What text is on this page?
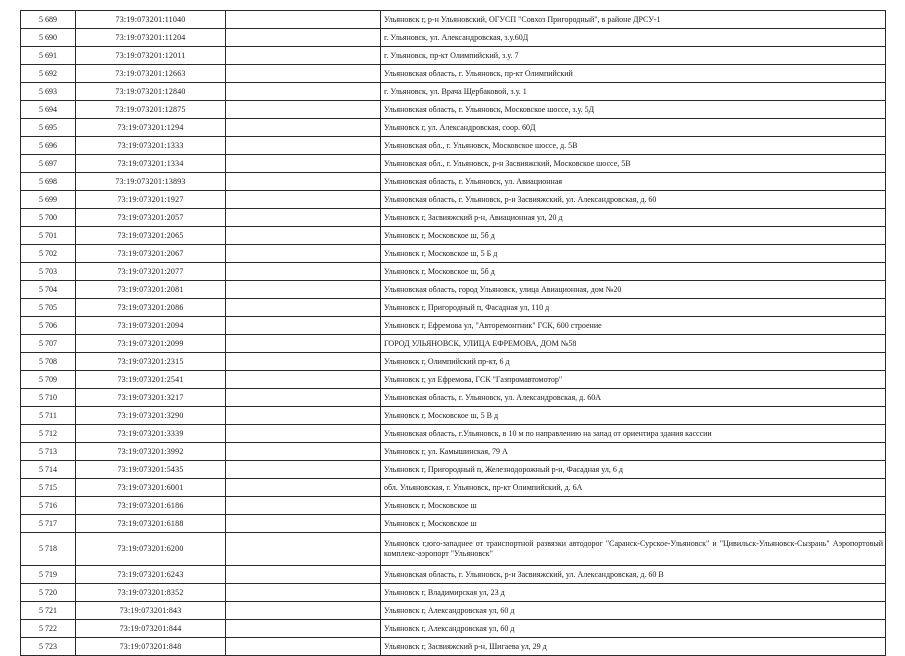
5 689	73:19:073201:11040		Ульяновск г, р-н Ульяновский, ОГУСП "Совхоз Пригородный", в районе ДРСУ-1
5 690	73:19:073201:11204		г. Ульяновск, ул. Александровская, з.у.60Д
5 691	73:19:073201:12011		г. Ульяновск, пр-кт Олимпийский, з.у. 7
5 692	73:19:073201:12663		Ульяновская область, г. Ульяновск, пр-кт Олимпийский
5 693	73:19:073201:12840		г. Ульяновск, ул. Врача Щербаковой, з.у. 1
5 694	73:19:073201:12875		Ульяновская область, г. Ульяновск, Московское шоссе, з.у. 5Д
5 695	73:19:073201:1294		Ульяновск г, ул. Александровская, соор. 60Д
5 696	73:19:073201:1333		Ульяновская обл., г. Ульяновск, Московское шоссе, д. 5В
5 697	73:19:073201:1334		Ульяновская обл., г. Ульяновск, р-н Засвияжский, Московское шоссе, 5В
5 698	73:19:073201:13893		Ульяновская область, г. Ульяновск, ул. Авиационная
5 699	73:19:073201:1927		Ульяновская область, г. Ульяновск, р-н Засвияжский, ул. Александровская, д. 60
5 700	73:19:073201:2057		Ульяновск г, Засвияжский р-н, Авиационная ул, 20 д
5 701	73:19:073201:2065		Ульяновск г, Московское ш, 5б д
5 702	73:19:073201:2067		Ульяновск г, Московское ш, 5 Б д
5 703	73:19:073201:2077		Ульяновск г, Московское ш, 5б д
5 704	73:19:073201:2081		Ульяновская область, город Ульяновск, улица Авиационная, дом №20
5 705	73:19:073201:2086		Ульяновск г, Пригородный п, Фасадная ул, 110 д
5 706	73:19:073201:2094		Ульяновск г, Ефремова ул, "Авторемонтник" ГСК, 600 строение
5 707	73:19:073201:2099		ГОРОД УЛЬЯНОВСК, УЛИЦА ЕФРЕМОВА, ДОМ №58
5 708	73:19:073201:2315		Ульяновск г, Олимпийский пр-кт, 6 д
5 709	73:19:073201:2541		Ульяновск г, ул Ефремова, ГСК "Газпромавтомотор"
5 710	73:19:073201:3217		Ульяновская область, г. Ульяновск, ул. Александровская, д. 60А
5 711	73:19:073201:3290		Ульяновск г, Московское ш, 5 В д
5 712	73:19:073201:3339		Ульяновская область, г.Ульяновск, в 10 м по направлению на запад от ориентира здания касссии
5 713	73:19:073201:3992		Ульяновск г, ул. Камышинская, 79 А
5 714	73:19:073201:5435		Ульяновск г, Пригородный п, Железнодорожный р-н, Фасадная ул, 6 д
5 715	73:19:073201:6001		обл. Ульяновская, г. Ульяновск, пр-кт Олимпийский, д. 6А
5 716	73:19:073201:6186		Ульяновск г, Московское ш
5 717	73:19:073201:6188		Ульяновск г, Московское ш
5 718	73:19:073201:6200		Ульяновск г,юго-западнее от транспортной развязки автодорог "Саранск-Сурское-Ульяновск" и "Цивильск-Ульяновск-Сызрань" Аэропортовый комплекс-аэропорт "Ульяновск"
5 719	73:19:073201:6243		Ульяновская область, г. Ульяновск, р-н Засвияжский, ул. Александровская, д. 60 В
5 720	73:19:073201:8352		Ульяновск г, Владимирская ул, 23 д
5 721	73:19:073201:843		Ульяновск г, Александровская ул, 60 д
5 722	73:19:073201:844		Ульяновск г, Александровская ул, 60 д
5 723	73:19:073201:848		Ульяновск г, Засвияжский р-н, Шигаева ул, 29 д
